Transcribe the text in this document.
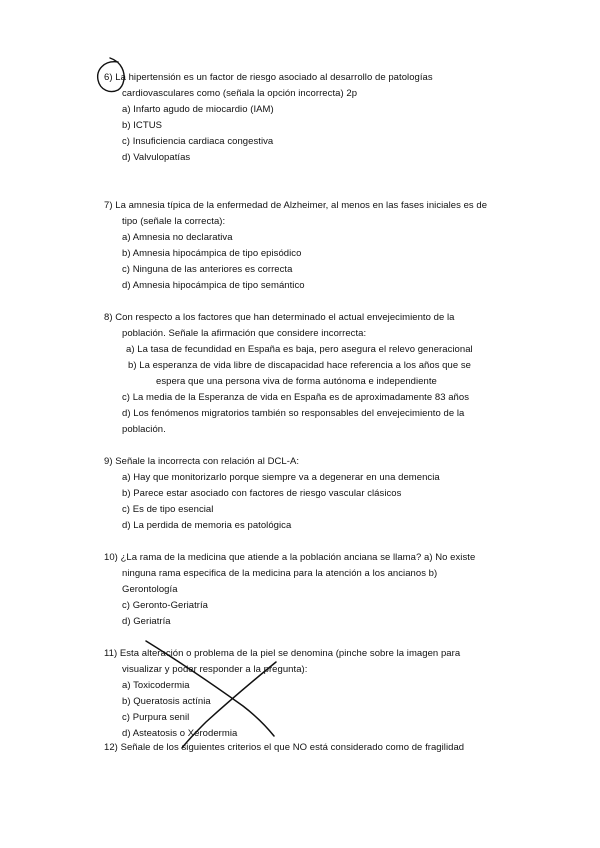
6) La hipertensión es un factor de riesgo asociado al desarrollo de patologías
cardiovasculares como (señala la opción incorrecta) 2p
a) Infarto agudo de miocardio (IAM)
b) ICTUS
c) Insuficiencia cardiaca congestiva
d) Valvulopatías
7) La amnesia típica de la enfermedad de Alzheimer, al menos en las fases iniciales es de
tipo (señale la correcta):
a) Amnesia no declarativa
b) Amnesia hipocámpica de tipo episódico
c) Ninguna de las anteriores es correcta
d) Amnesia hipocámpica de tipo semántico
8) Con respecto a los factores que han determinado el actual envejecimiento de la
población. Señale la afirmación que considere incorrecta:
a) La tasa de fecundidad en España es baja, pero asegura el relevo generacional
b) La esperanza de vida libre de discapacidad hace referencia a los años que se
espera que una persona viva de forma autónoma e independiente
c) La media de la Esperanza de vida en España es de aproximadamente 83 años
d) Los fenómenos migratorios también so responsables del envejecimiento de la
población.
9) Señale la incorrecta con relación al DCL-A:
a) Hay que monitorizarlo porque siempre va a degenerar en una demencia
b) Parece estar asociado con factores de riesgo vascular clásicos
c) Es de tipo esencial
d) La perdida de memoria es patológica
10) ¿La rama de la medicina que atiende a la población anciana se llama? a) No existe
ninguna rama especifica de la medicina para la atención a los ancianos b)
Gerontología
c) Geronto-Geriatría
d) Geriatría
11) Esta alteración o problema de la piel se denomina (pinche sobre la imagen para
visualizar y poder responder a la pregunta):
a) Toxicodermia
b) Queratosis actínia
c) Purpura senil
d) Asteatosis o Xerodermia
12) Señale de los siguientes criterios el que NO está considerado como de fragilidad
